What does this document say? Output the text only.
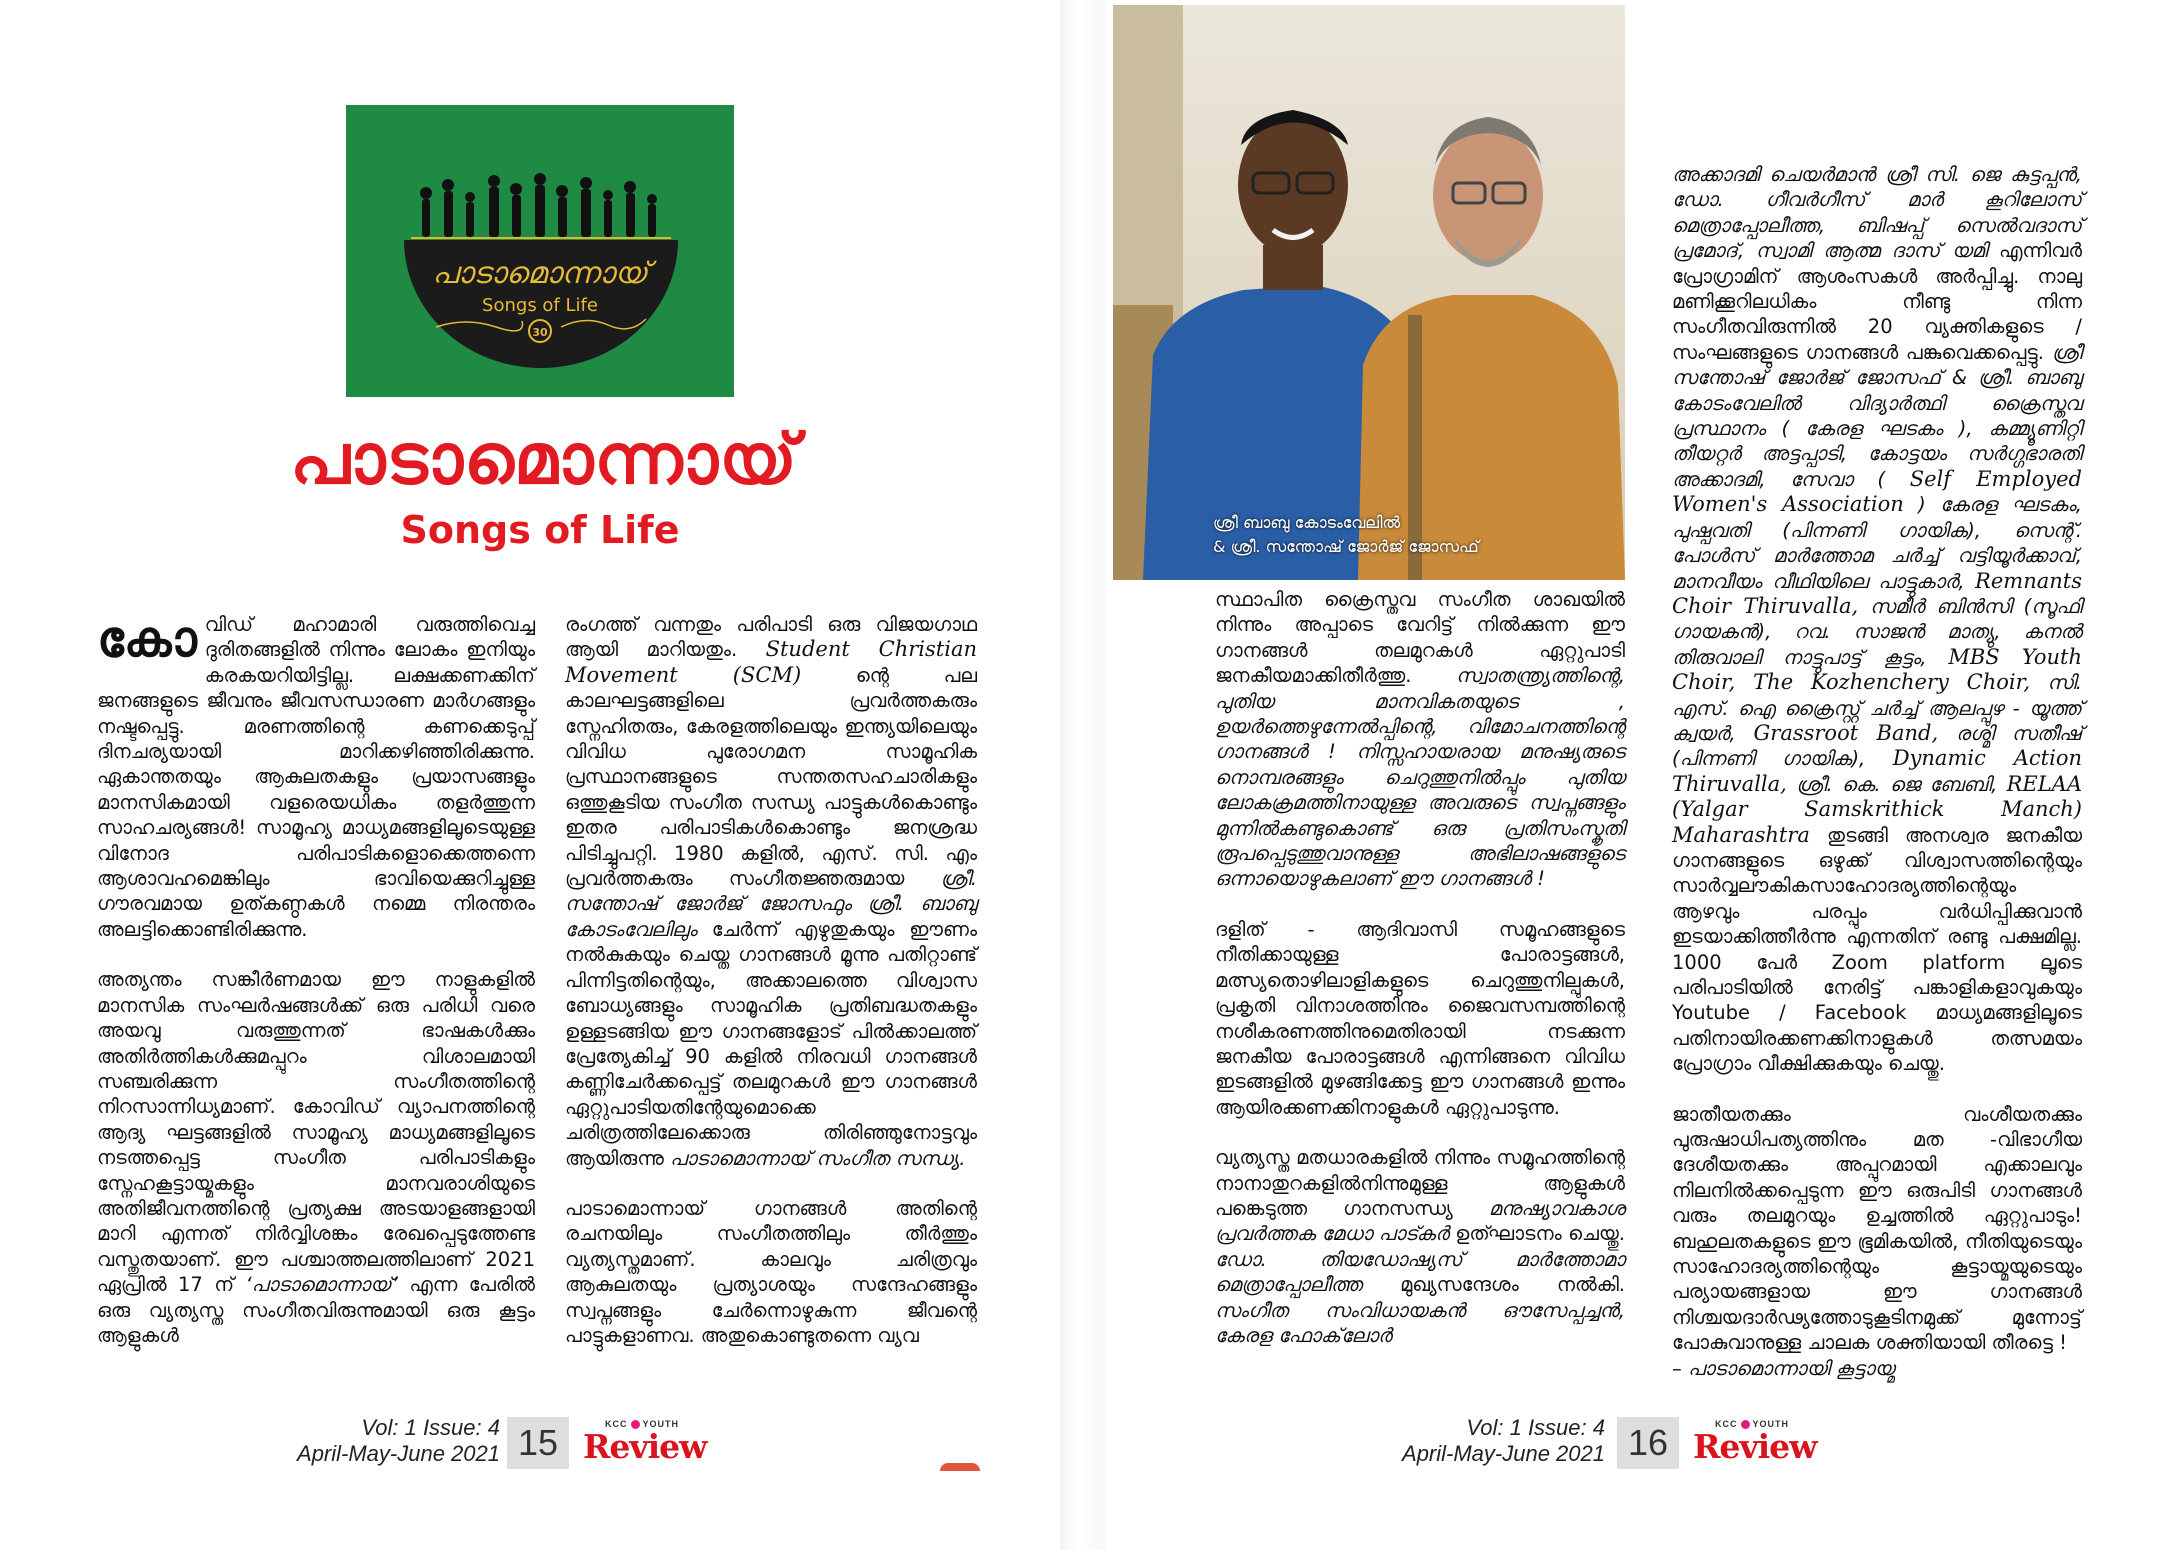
പാടാമൊന്നായ്
Songs of Life
30
പാടാമൊന്നായ്
Songs of Life

കോവിഡ് മഹാമാരി വരുത്തിവെച്ച ദുരിതങ്ങളിൽ നിന്നും ലോകം ഇനിയും കരകയറിയിട്ടില്ല. ലക്ഷക്കണക്കിന് ജനങ്ങളുടെ ജീവനും ജീവസന്ധാരണ മാർഗങ്ങളും നഷ്ടപ്പെട്ടു. മരണത്തിന്റെ കണക്കെടുപ്പ് ദിനചര്യയായി മാറിക്കഴിഞ്ഞിരിക്കുന്നു. ഏകാന്തതയും ആകുലതകളും പ്രയാസങ്ങളും മാനസികമായി വളരെയധികം തളർത്തുന്ന സാഹചര്യങ്ങൾ! സാമൂഹ്യ മാധ്യമങ്ങളിലൂടെയുള്ള വിനോദ പരിപാടികളൊക്കെത്തന്നെ ആശാവഹമെങ്കിലും ഭാവിയെക്കുറിച്ചുള്ള ഗൗരവമായ ഉത്കണ്ഠകൾ നമ്മെ നിരന്തരം അലട്ടിക്കൊണ്ടിരിക്കുന്നു.

അത്യന്തം സങ്കീർണമായ ഈ നാളുകളിൽ മാനസിക സംഘർഷങ്ങൾക്ക് ഒരു പരിധി വരെ അയവു വരുത്തുന്നത് ഭാഷകൾക്കും അതിർത്തികൾക്കുമപ്പുറം വിശാലമായി സഞ്ചരിക്കുന്ന സംഗീതത്തിന്റെ നിറസാന്നിധ്യമാണ്. കോവിഡ് വ്യാപനത്തിന്റെ ആദ്യ ഘട്ടങ്ങളിൽ സാമൂഹ്യ മാധ്യമങ്ങളിലൂടെ നടത്തപ്പെട്ട സംഗീത പരിപാടികളും സ്നേഹകൂട്ടായ്മകളും മാനവരാശിയുടെ അതിജീവനത്തിന്റെ പ്രത്യക്ഷ അടയാളങ്ങളായി മാറി എന്നത് നിർവ്വിശങ്കം രേഖപ്പെടുത്തേണ്ട വസ്തുതയാണ്. ഈ പശ്ചാത്തലത്തിലാണ് 2021 ഏപ്രിൽ 17 ന് ‘പാടാമൊന്നായ്’ എന്ന പേരിൽ ഒരു വ്യത്യസ്ത സംഗീതവിരുന്നുമായി ഒരു കൂട്ടം ആളുകൾ

രംഗത്ത് വന്നതും പരിപാടി ഒരു വിജയഗാഥ ആയി മാറിയതും. Student Christian Movement (SCM)	ന്റെ പല കാലഘട്ടങ്ങളിലെ പ്രവർത്തകരും സ്നേഹിതരും, കേരളത്തിലെയും ഇന്ത്യയിലെയും വിവിധ പുരോഗമന സാമൂഹിക പ്രസ്ഥാനങ്ങളുടെ സന്തതസഹചാരികളും ഒത്തുകൂടിയ സംഗീത സന്ധ്യ പാട്ടുകൾകൊണ്ടും ഇതര പരിപാടികൾകൊണ്ടും ജനശ്രദ്ധ പിടിച്ചുപറ്റി. 1980 കളിൽ, എസ്. സി. എം പ്രവർത്തകരും സംഗീതജ്ഞരുമായ ശ്രീ. സന്തോഷ് ജോർജ് ജോസഫും ശ്രീ. ബാബു കോടംവേലിലും ചേർന്ന് എഴുതുകയും ഈണം നൽകുകയും ചെയ്ത ഗാനങ്ങൾ മൂന്നു പതിറ്റാണ്ട് പിന്നിട്ടതിന്റെയും, അക്കാലത്തെ വിശ്വാസ ബോധ്യങ്ങളും സാമൂഹിക പ്രതിബദ്ധതകളും ഉള്ളടങ്ങിയ ഈ ഗാനങ്ങളോട് പിൽക്കാലത്ത് പ്രേത്യേകിച്ച് 90 കളിൽ നിരവധി ഗാനങ്ങൾ കണ്ണിചേർക്കപ്പെട്ട് തലമുറകൾ ഈ ഗാനങ്ങൾ ഏറ്റുപാടിയതിന്റേയുമൊക്കെ ചരിത്രത്തിലേക്കൊരു തിരിഞ്ഞുനോട്ടവും ആയിരുന്നു പാടാമൊന്നായ് സംഗീത സന്ധ്യ.

പാടാമൊന്നായ് ഗാനങ്ങൾ അതിന്റെ രചനയിലും സംഗീതത്തിലും തീർത്തും വ്യത്യസ്തമാണ്. കാലവും ചരിത്രവും ആകുലതയും പ്രത്യാശയും സന്ദേഹങ്ങളും സ്വപ്നങ്ങളും ചേർന്നൊഴുകുന്ന ജീവന്റെ പാട്ടുകളാണവ. അതുകൊണ്ടുതന്നെ വ്യവ

Vol: 1 Issue: 4
April-May-June 2021 15	KCC YOUTH
Review
ശ്രീ ബാബു കോടംവേലിൽ
& ശ്രീ. സന്തോഷ് ജോർജ് ജോസഫ്

സ്ഥാപിത ക്രൈസ്തവ സംഗീത ശാഖയിൽ നിന്നും അപ്പാടെ വേറിട്ട് നിൽക്കുന്ന ഈ ഗാനങ്ങൾ തലമുറകൾ ഏറ്റുപാടി ജനകീയമാക്കിതീർത്തു. സ്വാതന്ത്ര്യത്തിന്റെ, പുതിയ മാനവികതയുടെ , ഉയർത്തെഴുന്നേൽപ്പിന്റെ, വിമോചനത്തിന്റെ ഗാനങ്ങൾ ! നിസ്സഹായരായ മനുഷ്യരുടെ നൊമ്പരങ്ങളും ചെറുത്തുനിൽപ്പും പുതിയ ലോകക്രമത്തിനായുള്ള അവരുടെ സ്വപ്നങ്ങളും മുന്നിൽകണ്ടുകൊണ്ട് ഒരു പ്രതിസംസ്കൃതി രൂപപ്പെടുത്തുവാനുള്ള അഭിലാഷങ്ങളുടെ ഒന്നായൊഴുകലാണ് ഈ ഗാനങ്ങൾ !

ദളിത് - ആദിവാസി സമൂഹങ്ങളുടെ നീതിക്കായുള്ള പോരാട്ടങ്ങൾ, മത്സ്യതൊഴിലാളികളുടെ ചെറുത്തുനില്പുകൾ, പ്രകൃതി വിനാശത്തിനും ജൈവസമ്പത്തിന്റെ നശീകരണത്തിനുമെതിരായി നടക്കുന്ന ജനകീയ പോരാട്ടങ്ങൾ എന്നിങ്ങനെ വിവിധ ഇടങ്ങളിൽ മുഴങ്ങിക്കേട്ട ഈ ഗാനങ്ങൾ ഇന്നും ആയിരക്കണക്കിനാളുകൾ ഏറ്റുപാടുന്നു.

വ്യത്യസ്ത മതധാരകളിൽ നിന്നും സമൂഹത്തിന്റെ നാനാതുറകളിൽനിന്നുമുള്ള ആളുകൾ പങ്കെടുത്ത ഗാനസന്ധ്യ മനുഷ്യാവകാശ പ്രവർത്തക മേധാ പാട്കർ ഉത്ഘാടനം ചെയ്തു. ഡോ. തിയഡോഷ്യസ് മാർത്തോമാ മെത്രാപ്പോലീത്ത മുഖ്യസന്ദേശം നൽകി. സംഗീത സംവിധായകൻ ഔസേപ്പച്ചൻ, കേരള ഫോക്‌ലോർ

അക്കാദമി ചെയർമാൻ ശ്രീ സി. ജെ കുട്ടപ്പൻ, ഡോ. ഗീവർഗീസ് മാർ കൂറിലോസ് മെത്രാപ്പോലീത്ത, ബിഷപ്പ് സെൽവദാസ് പ്രമോദ്, സ്വാമി ആത്മ ദാസ് യമി എന്നിവർ പ്രോഗ്രാമിന് ആശംസകൾ അർപ്പിച്ചു. നാലു മണിക്കൂറിലധികം നീണ്ടു നിന്ന സംഗീതവിരുന്നിൽ 20 വ്യക്തികളുടെ / സംഘങ്ങളുടെ ഗാനങ്ങൾ പങ്കുവെക്കപ്പെട്ടു. ശ്രീ സന്തോഷ് ജോർജ് ജോസഫ് & ശ്രീ. ബാബു കോടംവേലിൽ വിദ്യാർത്ഥി ക്രൈസ്തവ പ്രസ്ഥാനം ( കേരള ഘടകം ), കമ്മ്യൂണിറ്റി തീയറ്റർ അട്ടപ്പാടി, കോട്ടയം സർഗ്ഗഭാരതി അക്കാദമി, സേവാ ( Self Employed Women's Association ) കേരള ഘടകം, പുഷ്പവതി (പിന്നണി ഗായിക), സെന്റ്. പോൾസ് മാർത്തോമ ചർച്ച് വട്ടിയൂർക്കാവ്, മാനവീയം വീഥിയിലെ പാട്ടുകാർ, Remnants Choir Thiruvalla, സമീർ ബിൻസി (സൂഫി ഗായകൻ), റവ. സാജൻ മാത്യു, കനൽ തിരുവാലി നാട്ടുപാട്ട് കൂട്ടം, MBS Youth Choir, The Kozhenchery Choir, സി. എസ്. ഐ ക്രൈസ്റ്റ് ചർച്ച് ആലപ്പുഴ - യൂത്ത് ക്വയർ, Grassroot Band, രശ്മി സതീഷ് (പിന്നണി ഗായിക), Dynamic Action Thiruvalla, ശ്രീ. കെ. ജെ ബേബി, RELAA (Yalgar Samskrithick Manch) Maharashtra തുടങ്ങി അനശ്വര ജനകീയ ഗാനങ്ങളുടെ ഒഴുക്ക് വിശ്വാസത്തിന്റെയും സാർവ്വലൗകികസാഹോദര്യത്തിന്റെയും ആഴവും പരപ്പും വർധിപ്പിക്കുവാൻ ഇടയാക്കിത്തീർന്നു എന്നതിന് രണ്ടു പക്ഷമില്ല. 1000 പേർ Zoom platform ലൂടെ പരിപാടിയിൽ നേരിട്ട് പങ്കാളികളാവുകയും Youtube / Facebook മാധ്യമങ്ങളിലൂടെ പതിനായിരക്കണക്കിനാളുകൾ തത്സമയം പ്രോഗ്രാം വീക്ഷിക്കുകയും ചെയ്തു.

ജാതീയതക്കും വംശീയതക്കും പുരുഷാധിപത്യത്തിനും മത -വിഭാഗീയ ദേശീയതക്കും അപ്പുറമായി എക്കാലവും നിലനിൽക്കപ്പെടുന്ന ഈ ഒരുപിടി ഗാനങ്ങൾ വരും തലമുറയും ഉച്ചത്തിൽ ഏറ്റുപാടും! ബഹുലതകളുടെ ഈ ഭൂമികയിൽ, നീതിയുടെയും സാഹോദര്യത്തിന്റെയും കൂട്ടായ്മയുടെയും പര്യായങ്ങളായ ഈ ഗാനങ്ങൾ നിശ്ചയദാർഢ്യത്തോടുകൂടിനമുക്ക് മുന്നോട്ട് പോകുവാനുള്ള ചാലക ശക്തിയായി തീരട്ടെ !
– പാടാമൊന്നായി കൂട്ടായ്മ

Vol: 1 Issue: 4
April-May-June 2021 16	KCC YOUTH
Review
